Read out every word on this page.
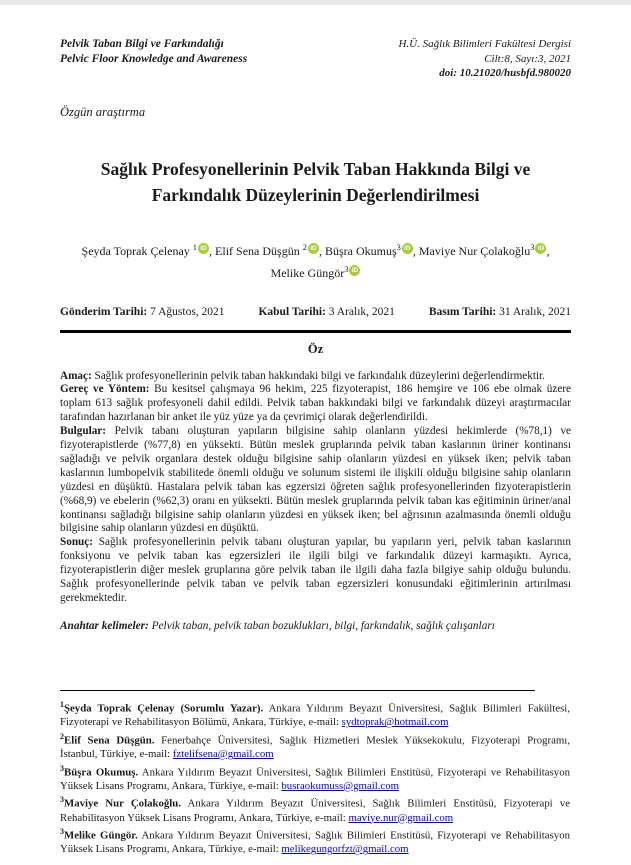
Pelvik Taban Bilgi ve Farkındalığı
Pelvic Floor Knowledge and Awareness
H.Ü. Sağlık Bilimleri Fakültesi Dergisi
Cilt:8, Sayı:3, 2021
doi: 10.21020/husbfd.980020
Özgün araştırma
Sağlık Profesyonellerinin Pelvik Taban Hakkında Bilgi ve Farkındalık Düzeylerinin Değerlendirilmesi
Şeyda Toprak Çelenay $^1$ iD , Elif Sena Düşgün $^2$ iD , Büşra Okumuş$^3$ iD , Maviye Nur Çolakoğlu$^3$ iD ,
Melike Güngör$^3$ iD
Gönderim Tarihi: 7 Ağustos, 2021	Kabul Tarihi: 3 Aralık, 2021	Basım Tarihi: 31 Aralık, 2021
Öz

Amaç: Sağlık profesyonellerinin pelvik taban hakkındaki bilgi ve farkındalık düzeylerini değerlendirmektir.

Gereç ve Yöntem: Bu kesitsel çalışmaya 96 hekim, 225 fizyoterapist, 186 hemşire ve 106 ebe olmak üzere toplam 613 sağlık profesyoneli dahil edildi. Pelvik taban hakkındaki bilgi ve farkındalık düzeyi araştırmacılar tarafından hazırlanan bir anket ile yüz yüze ya da çevrimiçi olarak değerlendirildi.

Bulgular: Pelvik tabanı oluşturan yapıların bilgisine sahip olanların yüzdesi hekimlerde (%78,1) ve fizyoterapistlerde (%77,8) en yüksekti. Bütün meslek gruplarında pelvik taban kaslarının üriner kontinansı sağladığı ve pelvik organlara destek olduğu bilgisine sahip olanların yüzdesi en yüksek iken; pelvik taban kaslarının lumbopelvik stabilitede önemli olduğu ve solunum sistemi ile ilişkili olduğu bilgisine sahip olanların yüzdesi en düşüktü. Hastalara pelvik taban kas egzersizi öğreten sağlık profesyonellerinden fizyoterapistlerin (%68,9) ve ebelerin (%62,3) oranı en yüksekti. Bütün meslek gruplarında pelvik taban kas eğitiminin üriner/anal kontinansı sağladığı bilgisine sahip olanların yüzdesi en yüksek iken; bel ağrısının azalmasında önemli olduğu bilgisine sahip olanların yüzdesi en düşüktü.

Sonuç: Sağlık profesyonellerinin pelvik tabanı oluşturan yapılar, bu yapıların yeri, pelvik taban kaslarının fonksiyonu ve pelvik taban kas egzersizleri ile ilgili bilgi ve farkındalık düzeyi karmaşıktı. Ayrıca, fizyoterapistlerin diğer meslek gruplarına göre pelvik taban ile ilgili daha fazla bilgiye sahip olduğu bulundu. Sağlık profesyonellerinde pelvik taban ve pelvik taban egzersizleri konusundaki eğitimlerinin artırılması gerekmektedir.

Anahtar kelimeler: Pelvik taban, pelvik taban bozuklukları, bilgi, farkındalık, sağlık çalışanları

$^1$Şeyda Toprak Çelenay (Sorumlu Yazar). Ankara Yıldırım Beyazıt Üniversitesi, Sağlık Bilimleri Fakültesi, Fizyoterapi ve Rehabilitasyon Bölümü, Ankara, Türkiye, e-mail: sydtoprak@hotmail.com

$^2$Elif Sena Düşgün. Fenerbahçe Üniversitesi, Sağlık Hizmetleri Meslek Yüksekokulu, Fizyoterapi Programı, İstanbul, Türkiye, e-mail: fztelifsena@gmail.com

$^3$Büşra Okumuş. Ankara Yıldırım Beyazıt Üniversitesi, Sağlık Bilimleri Enstitüsü, Fizyoterapi ve Rehabilitasyon Yüksek Lisans Programı, Ankara, Türkiye, e-mail: busraokumuss@gmail.com

$^3$Maviye Nur Çolakoğlu. Ankara Yıldırım Beyazıt Üniversitesi, Sağlık Bilimleri Enstitüsü, Fizyoterapi ve Rehabilitasyon Yüksek Lisans Programı, Ankara, Türkiye, e-mail: maviye.nur@gmail.com

$^3$Melike Güngör. Ankara Yıldırım Beyazıt Üniversitesi, Sağlık Bilimleri Enstitüsü, Fizyoterapi ve Rehabilitasyon Yüksek Lisans Programı, Ankara, Türkiye, e-mail: melikegungorfzt@gmail.com
